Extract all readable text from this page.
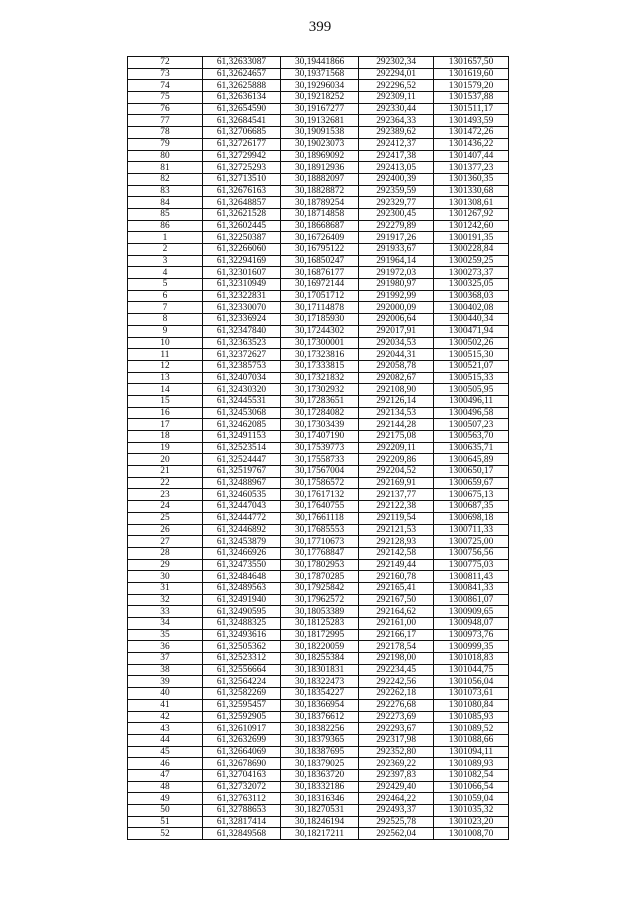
399
72	61,32633087	30,19441866	292302,34	1301657,50
73	61,32624657	30,19371568	292294,01	1301619,60
74	61,32625888	30,19296034	292296,52	1301579,20
75	61,32636134	30,19218252	292309,11	1301537,88
76	61,32654590	30,19167277	292330,44	1301511,17
77	61,32684541	30,19132681	292364,33	1301493,59
78	61,32706685	30,19091538	292389,62	1301472,26
79	61,32726177	30,19023073	292412,37	1301436,22
80	61,32729942	30,18969092	292417,38	1301407,44
81	61,32725293	30,18912936	292413,05	1301377,23
82	61,32713510	30,18882097	292400,39	1301360,35
83	61,32676163	30,18828872	292359,59	1301330,68
84	61,32648857	30,18789254	292329,77	1301308,61
85	61,32621528	30,18714858	292300,45	1301267,92
86	61,32602445	30,18668687	292279,89	1301242,60
1	61,32250387	30,16726409	291917,26	1300191,35
2	61,32266060	30,16795122	291933,67	1300228,84
3	61,32294169	30,16850247	291964,14	1300259,25
4	61,32301607	30,16876177	291972,03	1300273,37
5	61,32310949	30,16972144	291980,97	1300325,05
6	61,32322831	30,17051712	291992,99	1300368,03
7	61,32330070	30,17114878	292000,09	1300402,08
8	61,32336924	30,17185930	292006,64	1300440,34
9	61,32347840	30,17244302	292017,91	1300471,94
10	61,32363523	30,17300001	292034,53	1300502,26
11	61,32372627	30,17323816	292044,31	1300515,30
12	61,32385753	30,17333815	292058,78	1300521,07
13	61,32407034	30,17321832	292082,67	1300515,33
14	61,32430320	30,17302932	292108,90	1300505,95
15	61,32445531	30,17283651	292126,14	1300496,11
16	61,32453068	30,17284082	292134,53	1300496,58
17	61,32462085	30,17303439	292144,28	1300507,23
18	61,32491153	30,17407190	292175,08	1300563,70
19	61,32523514	30,17539773	292209,11	1300635,71
20	61,32524447	30,17558733	292209,86	1300645,89
21	61,32519767	30,17567004	292204,52	1300650,17
22	61,32488967	30,17586572	292169,91	1300659,67
23	61,32460535	30,17617132	292137,77	1300675,13
24	61,32447043	30,17640755	292122,38	1300687,35
25	61,32444772	30,17661118	292119,54	1300698,18
26	61,32446892	30,17685553	292121,53	1300711,33
27	61,32453879	30,17710673	292128,93	1300725,00
28	61,32466926	30,17768847	292142,58	1300756,56
29	61,32473550	30,17802953	292149,44	1300775,03
30	61,32484648	30,17870285	292160,78	1300811,43
31	61,32489563	30,17925842	292165,41	1300841,33
32	61,32491940	30,17962572	292167,50	1300861,07
33	61,32490595	30,18053389	292164,62	1300909,65
34	61,32488325	30,18125283	292161,00	1300948,07
35	61,32493616	30,18172995	292166,17	1300973,76
36	61,32505362	30,18220059	292178,54	1300999,35
37	61,32523312	30,18255384	292198,00	1301018,83
38	61,32556664	30,18301831	292234,45	1301044,75
39	61,32564224	30,18322473	292242,56	1301056,04
40	61,32582269	30,18354227	292262,18	1301073,61
41	61,32595457	30,18366954	292276,68	1301080,84
42	61,32592905	30,18376612	292273,69	1301085,93
43	61,32610917	30,18382256	292293,67	1301089,52
44	61,32632699	30,18379365	292317,98	1301088,66
45	61,32664069	30,18387695	292352,80	1301094,11
46	61,32678690	30,18379025	292369,22	1301089,93
47	61,32704163	30,18363720	292397,83	1301082,54
48	61,32732072	30,18332186	292429,40	1301066,54
49	61,32763112	30,18316346	292464,22	1301059,04
50	61,32788653	30,18270531	292493,37	1301035,32
51	61,32817414	30,18246194	292525,78	1301023,20
52	61,32849568	30,18217211	292562,04	1301008,70
